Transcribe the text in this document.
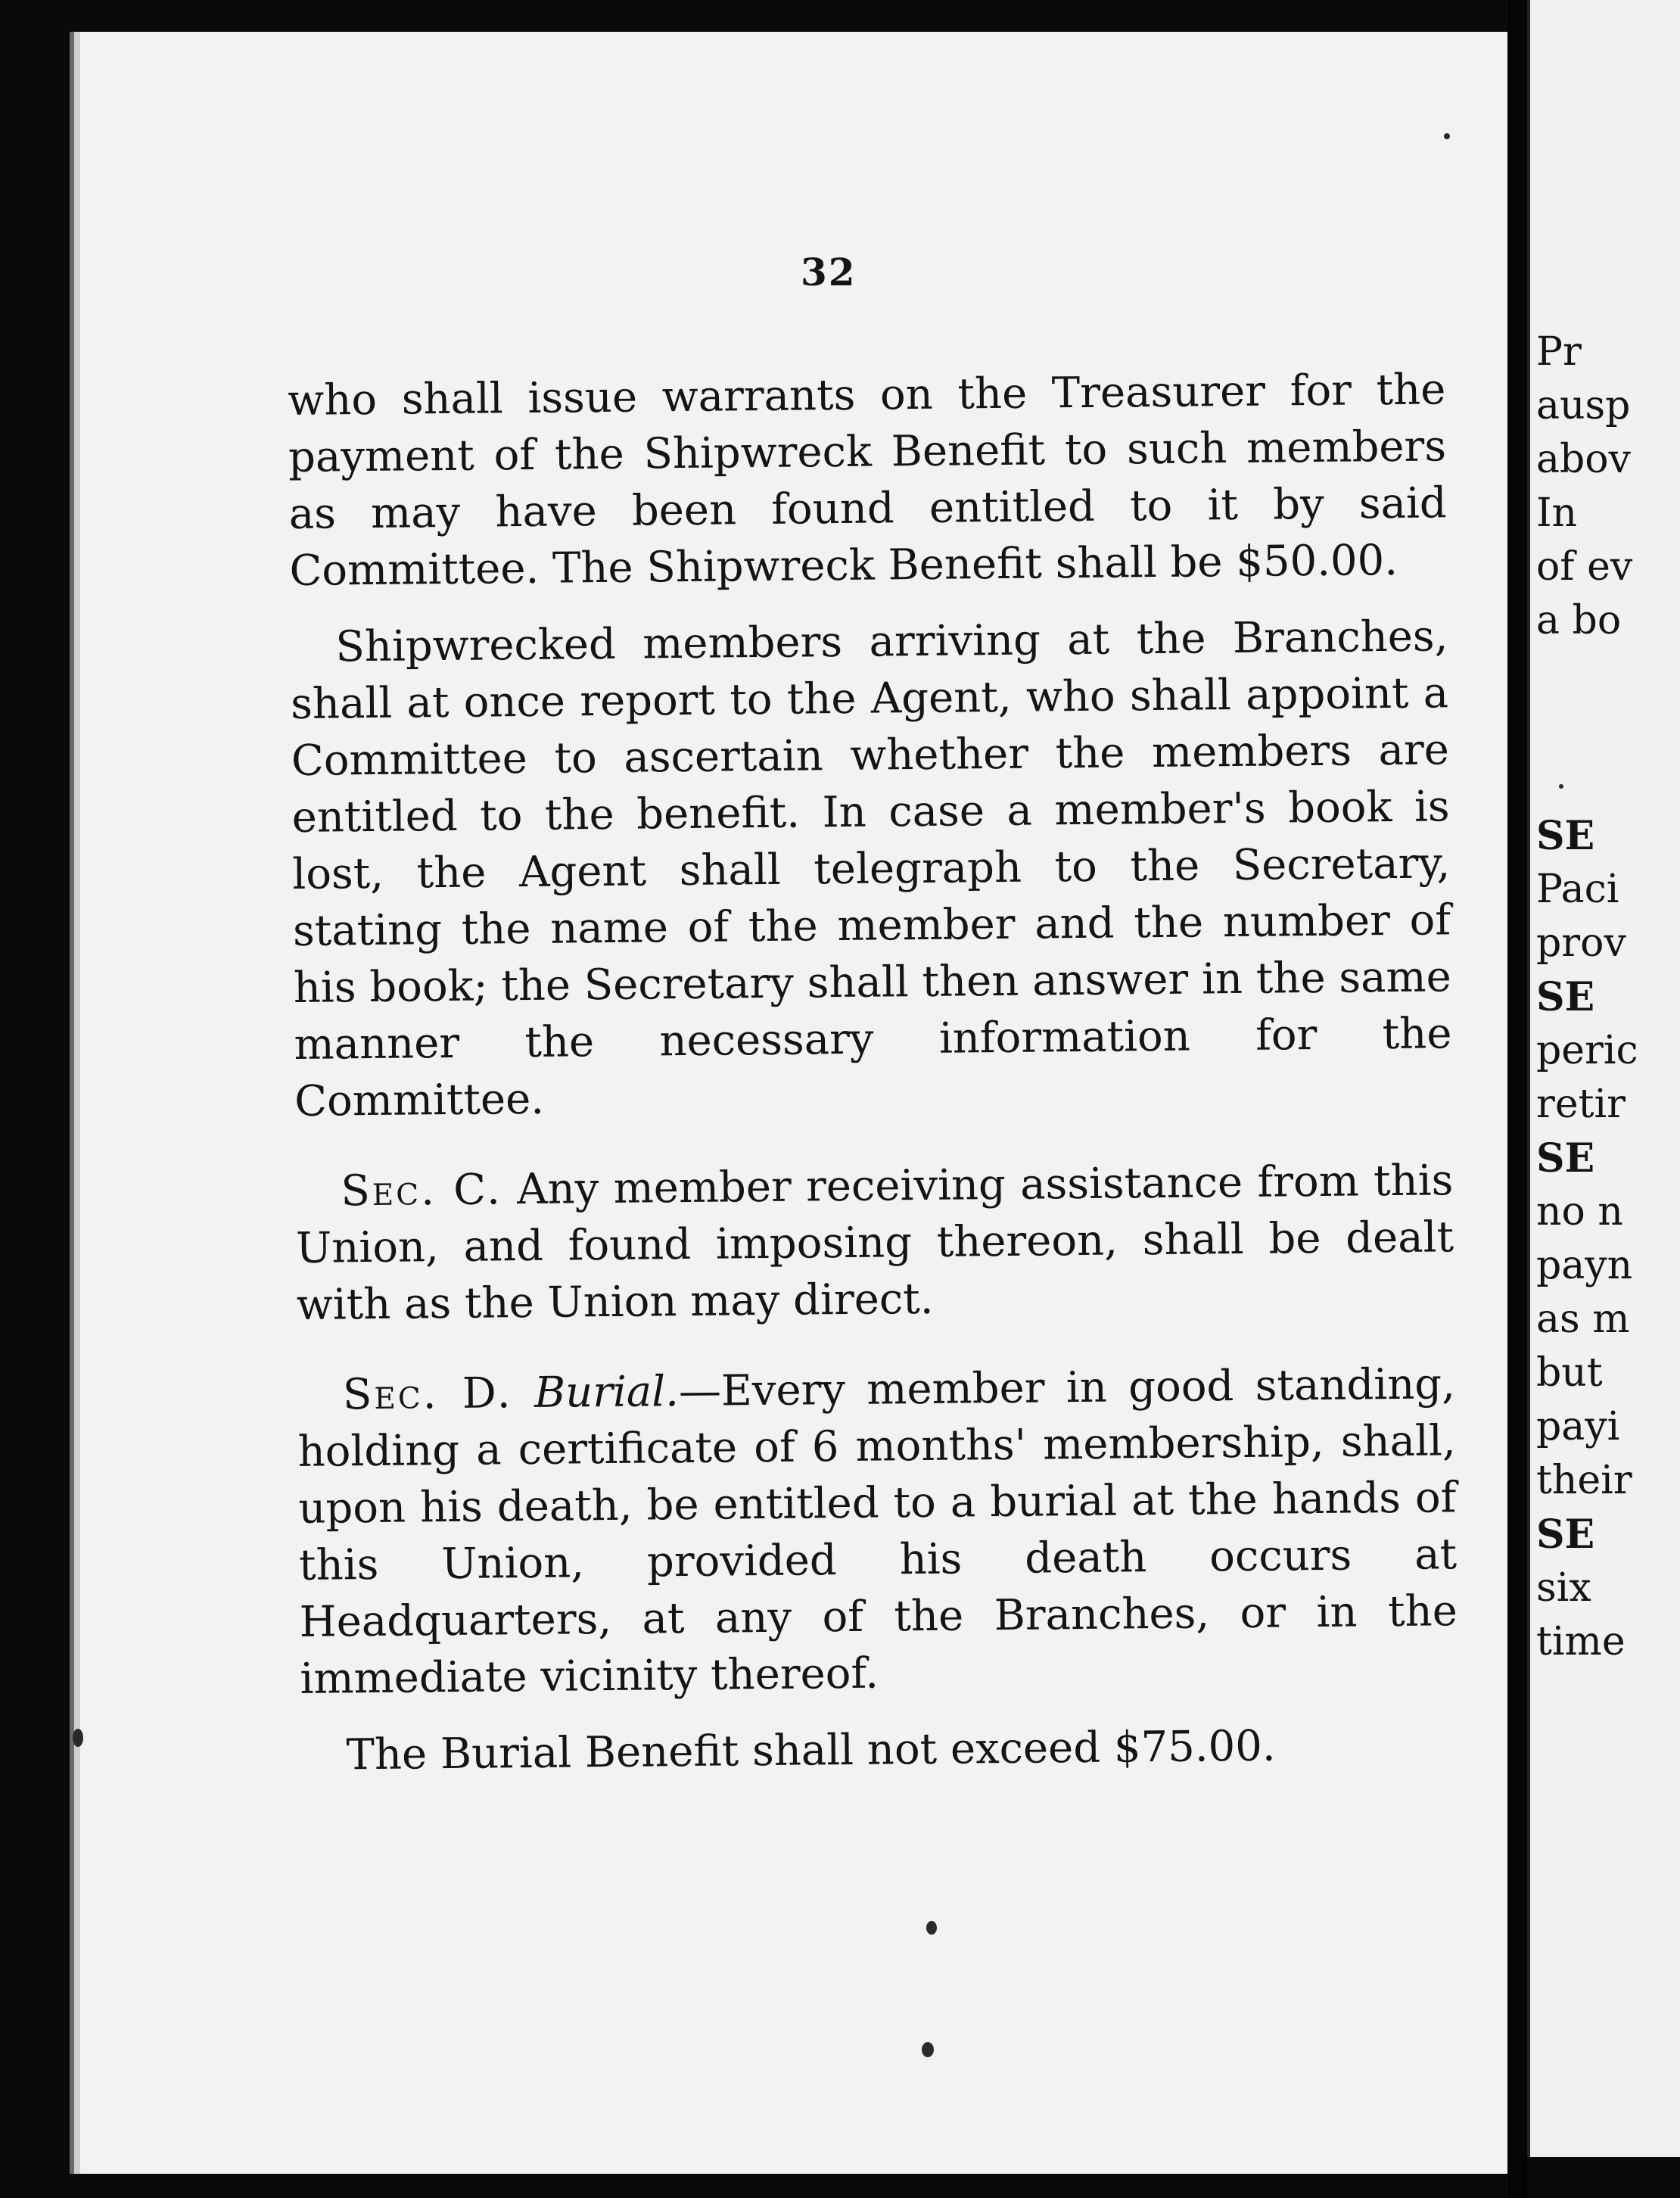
32

who shall issue warrants on the Treasurer for the payment of the Shipwreck Benefit to such members as may have been found entitled to it by said Committee. The Shipwreck Benefit shall be $50.00.

Shipwrecked members arriving at the Branches, shall at once report to the Agent, who shall appoint a Committee to ascertain whether the members are entitled to the benefit. In case a member's book is lost, the Agent shall telegraph to the Secretary, stating the name of the member and the number of his book; the Secretary shall then answer in the same manner the necessary information for the Committee.

Sec. C. Any member receiving assistance from this Union, and found imposing thereon, shall be dealt with as the Union may direct.

Sec. D. Burial.—Every member in good standing, holding a certificate of 6 months' membership, shall, upon his death, be entitled to a burial at the hands of this Union, provided his death occurs at Headquarters, at any of the Branches, or in the immediate vicinity thereof.

The Burial Benefit shall not exceed $75.00.

Pr
ausp
abov
In
of ev
a bo
SE
Paci
prov
SE
peric
retir
SE
no n
payn
as m
but
payi
their
SE
six
time
